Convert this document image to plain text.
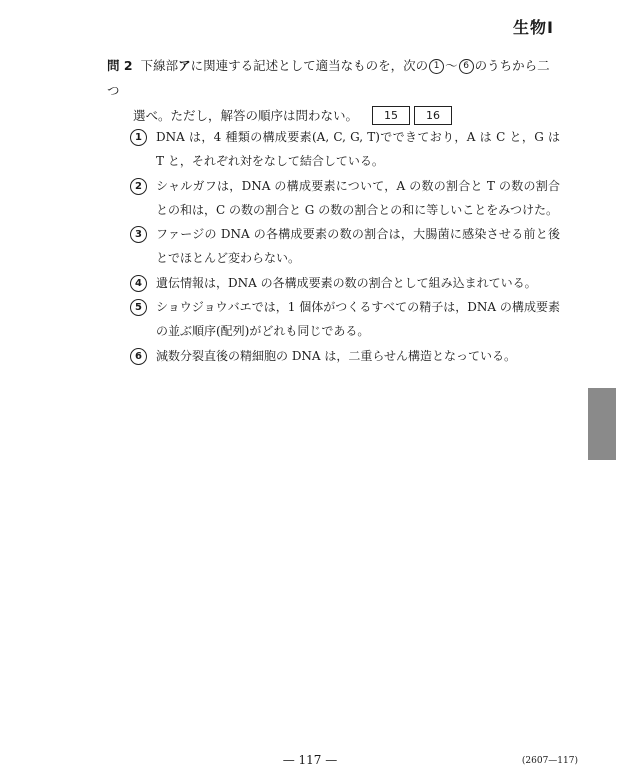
生物Ⅰ
問 2 下線部アに関連する記述として適当なものを，次の 1 〜 6 のうちから二つ
選べ。ただし，解答の順序は問わない。	15	16
1	DNA は，4 種類の構成要素(A, C, G, T)でできており，A は C と，G は T と，それぞれ対をなして結合している。
2	シャルガフは，DNA の構成要素について，A の数の割合と T の数の割合との和は，C の数の割合と G の数の割合との和に等しいことをみつけた。
3	ファージの DNA の各構成要素の数の割合は，大腸菌に感染させる前と後とでほとんど変わらない。
4	遺伝情報は，DNA の各構成要素の数の割合として組み込まれている。
5	ショウジョウバエでは，1 個体がつくるすべての精子は，DNA の構成要素の並ぶ順序(配列)がどれも同じである。
6	減数分裂直後の精細胞の DNA は，二重らせん構造となっている。
— 117 —	(2607—117)
